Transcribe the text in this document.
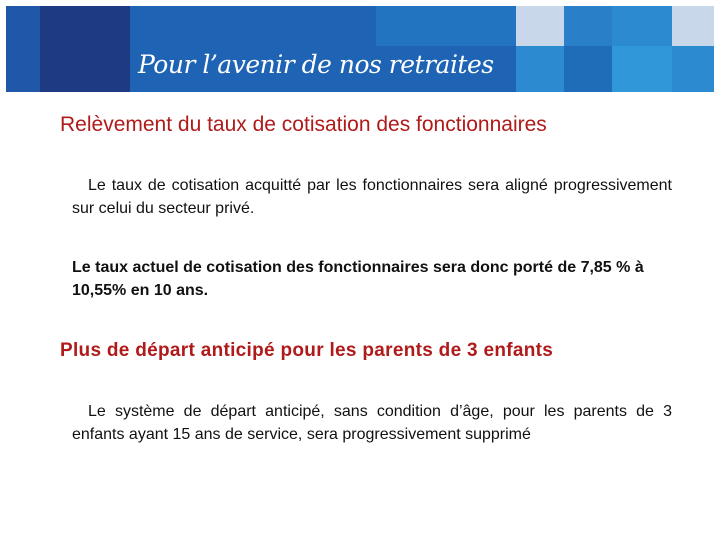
Pour l’avenir de nos retraites
Relèvement du taux de cotisation des fonctionnaires
Le taux de cotisation acquitté par les fonctionnaires sera aligné progressivement sur celui du secteur privé.
Le taux actuel de cotisation des fonctionnaires sera donc porté de 7,85 % à 10,55% en 10 ans.
Plus de départ anticipé pour les parents de 3 enfants
Le système de départ anticipé, sans condition d’âge, pour les parents de 3 enfants ayant 15 ans de service, sera progressivement supprimé
